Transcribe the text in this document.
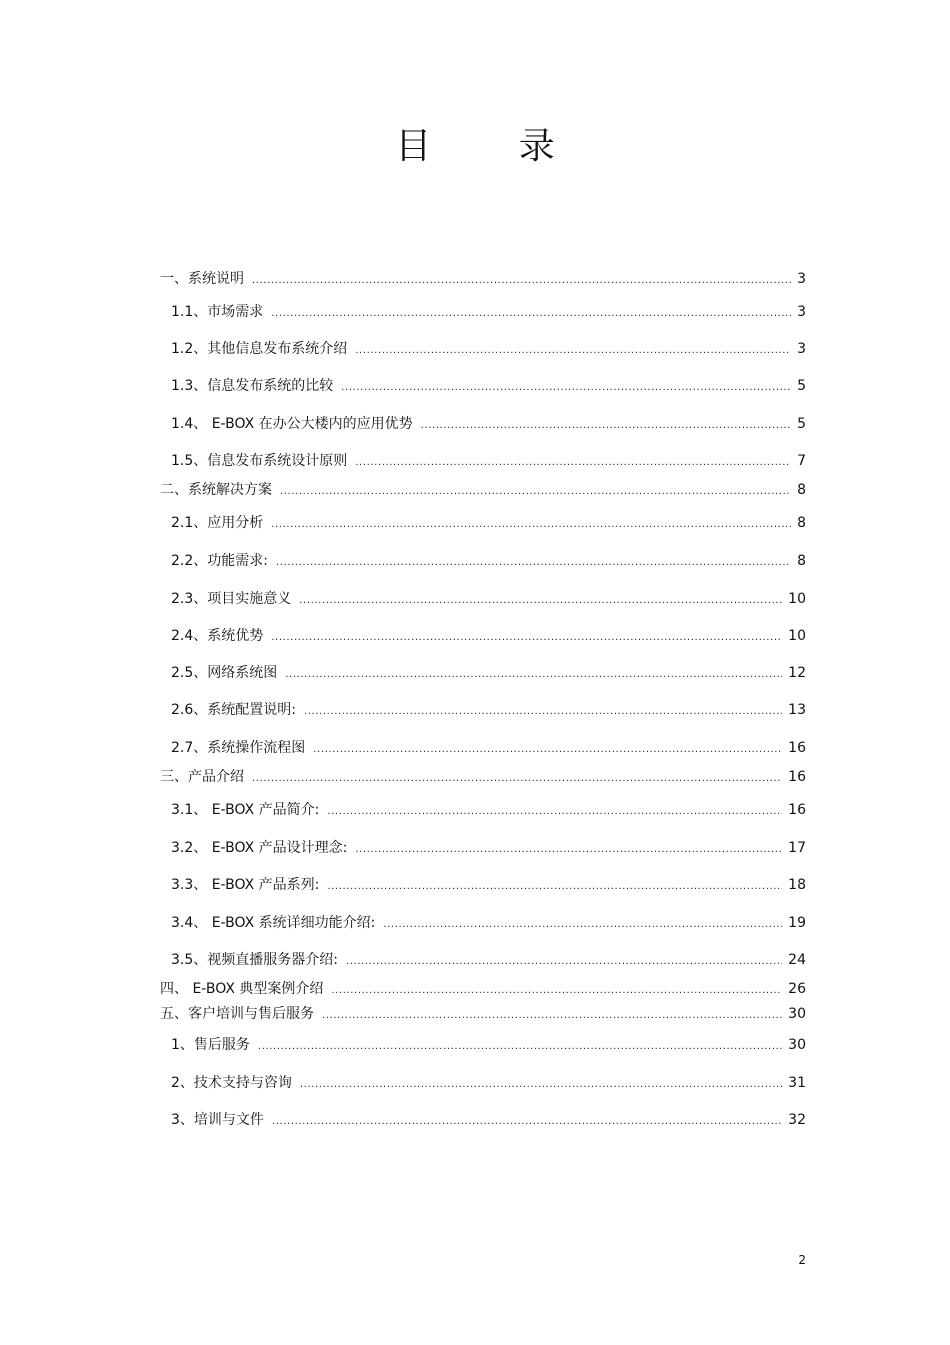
目 录
一、系统说明 .....	3
1.1、市场需求 .....	3
1.2、其他信息发布系统介绍 .....	3
1.3、信息发布系统的比较 .....	5
1.4、 E-BOX 在办公大楼内的应用优势 .....	5
1.5、信息发布系统设计原则 .....	7
二、系统解决方案 .....	8
2.1、应用分析 .....	8
2.2、功能需求: .....	8
2.3、项目实施意义 .....	10
2.4、系统优势 .....	10
2.5、网络系统图 .....	12
2.6、系统配置说明: .....	13
2.7、系统操作流程图 .....	16
三、产品介绍 .....	16
3.1、 E-BOX 产品简介: .....	16
3.2、 E-BOX 产品设计理念: .....	17
3.3、 E-BOX 产品系列: .....	18
3.4、 E-BOX 系统详细功能介绍: .....	19
3.5、视频直播服务器介绍: .....	24
四、 E-BOX 典型案例介绍 .....	26
五、客户培训与售后服务 .....	30
1、售后服务 .....	30
2、技术支持与咨询 .....	31
3、培训与文件 .....	32
2
